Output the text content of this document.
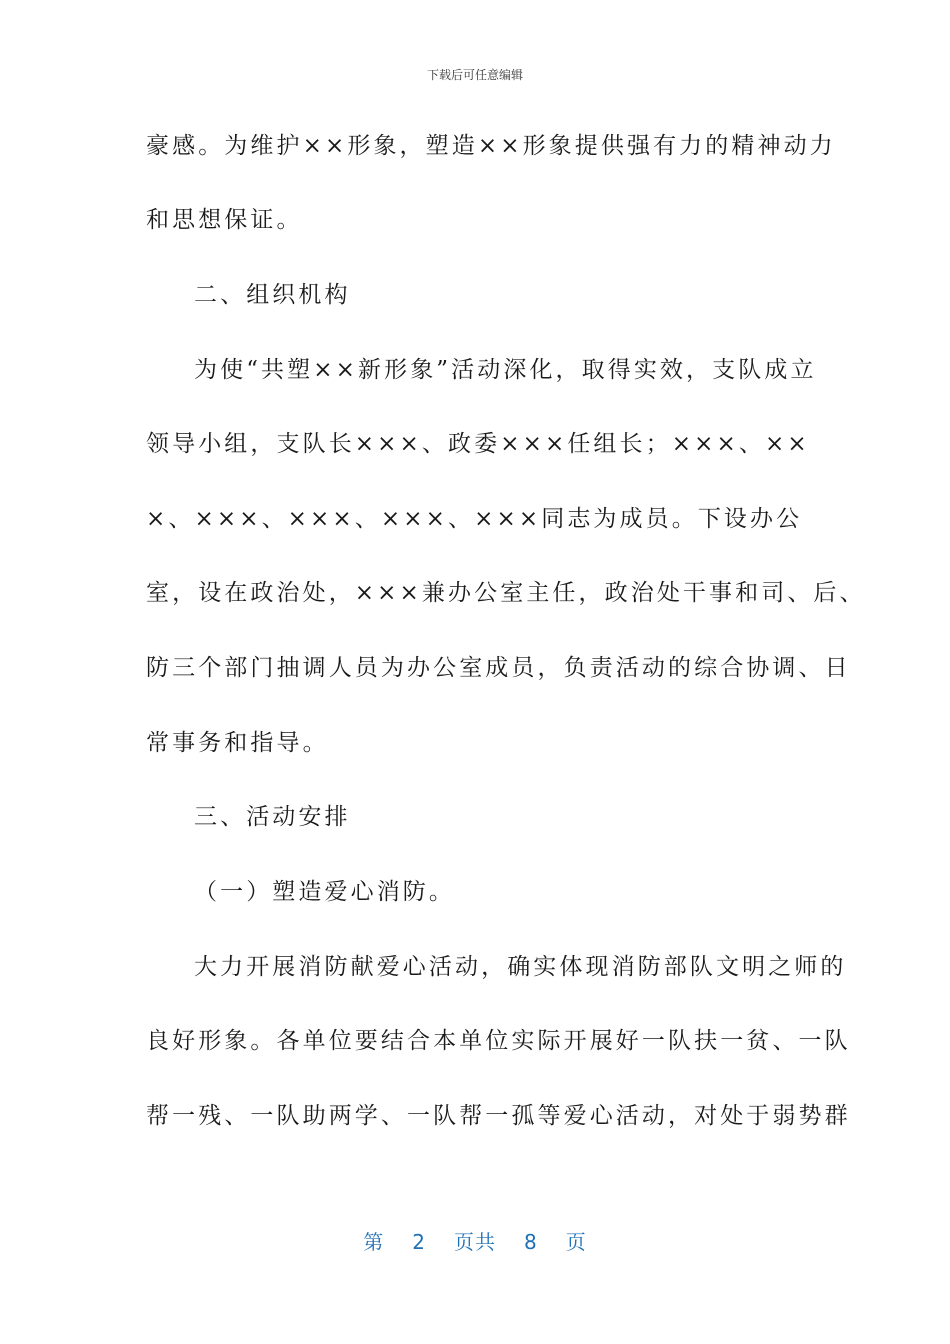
下载后可任意编辑
豪感。为维护××形象，塑造××形象提供强有力的精神动力
和思想保证。
二、组织机构
为使“共塑××新形象”活动深化，取得实效，支队成立
领导小组，支队长×××、政委×××任组长；×××、××
×、×××、×××、×××、×××同志为成员。下设办公
室，设在政治处，×××兼办公室主任，政治处干事和司、后、
防三个部门抽调人员为办公室成员，负责活动的综合协调、日
常事务和指导。
三、活动安排
（一）塑造爱心消防。
大力开展消防献爱心活动，确实体现消防部队文明之师的
良好形象。各单位要结合本单位实际开展好一队扶一贫、一队
帮一残、一队助两学、一队帮一孤等爱心活动，对处于弱势群
第 2 页共 8 页
